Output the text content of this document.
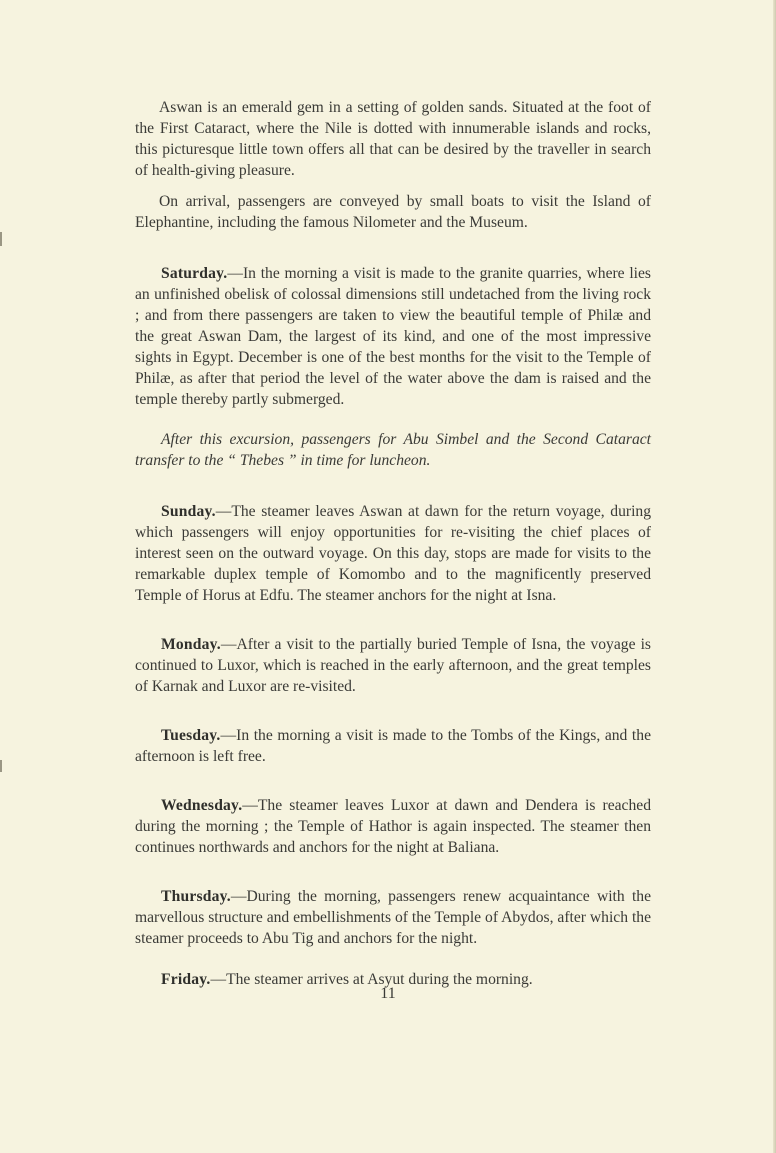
Aswan is an emerald gem in a setting of golden sands. Situated at the foot of the First Cataract, where the Nile is dotted with innumerable islands and rocks, this picturesque little town offers all that can be desired by the traveller in search of health-giving pleasure.

On arrival, passengers are conveyed by small boats to visit the Island of Elephantine, including the famous Nilometer and the Museum.

Saturday.—In the morning a visit is made to the granite quarries, where lies an unfinished obelisk of colossal dimensions still undetached from the living rock ; and from there passengers are taken to view the beautiful temple of Philæ and the great Aswan Dam, the largest of its kind, and one of the most impressive sights in Egypt. December is one of the best months for the visit to the Temple of Philæ, as after that period the level of the water above the dam is raised and the temple thereby partly submerged.

After this excursion, passengers for Abu Simbel and the Second Cataract transfer to the “ Thebes ” in time for luncheon.

Sunday.—The steamer leaves Aswan at dawn for the return voyage, during which passengers will enjoy opportunities for re-visiting the chief places of interest seen on the outward voyage. On this day, stops are made for visits to the remarkable duplex temple of Komombo and to the magnificently preserved Temple of Horus at Edfu. The steamer anchors for the night at Isna.

Monday.—After a visit to the partially buried Temple of Isna, the voyage is continued to Luxor, which is reached in the early afternoon, and the great temples of Karnak and Luxor are re-visited.

Tuesday.—In the morning a visit is made to the Tombs of the Kings, and the afternoon is left free.

Wednesday.—The steamer leaves Luxor at dawn and Dendera is reached during the morning ; the Temple of Hathor is again inspected. The steamer then continues northwards and anchors for the night at Baliana.

Thursday.—During the morning, passengers renew acquaintance with the marvellous structure and embellishments of the Temple of Abydos, after which the steamer proceeds to Abu Tig and anchors for the night.

Friday.—The steamer arrives at Asyut during the morning.

11
